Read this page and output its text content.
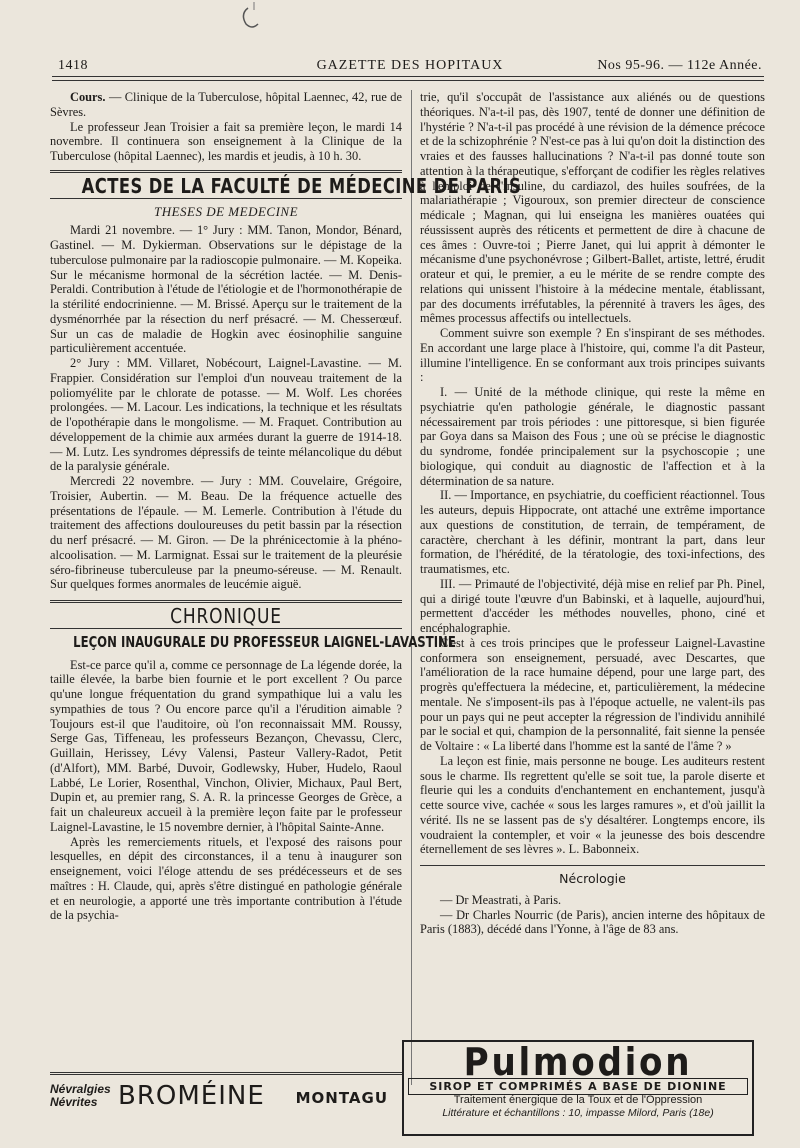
1418	GAZETTE DES HOPITAUX	Nos 95-96. — 112e Année.

Cours. — Clinique de la Tuberculose, hôpital Laennec, 42, rue de Sèvres.

Le professeur Jean Troisier a fait sa première leçon, le mardi 14 novembre. Il continuera son enseignement à la Clinique de la Tuberculose (hôpital Laennec), les mardis et jeudis, à 10 h. 30.

ACTES DE LA FACULTÉ DE MÉDECINE DE PARIS
THESES DE MEDECINE

Mardi 21 novembre. — 1° Jury : MM. Tanon, Mondor, Bénard, Gastinel. — M. Dykierman. Observations sur le dépistage de la tuberculose pulmonaire par la radioscopie pulmonaire. — M. Kopeika. Sur le mécanisme hormonal de la sécrétion lactée. — M. Denis-Peraldi. Contribution à l'étude de l'étiologie et de l'hormonothérapie de la stérilité endocrinienne. — M. Brissé. Aperçu sur le traitement de la dysménorrhée par la résection du nerf présacré. — M. Chesserœuf. Sur un cas de maladie de Hogkin avec éosinophilie sanguine particulièrement accentuée.

2° Jury : MM. Villaret, Nobécourt, Laignel-Lavastine. — M. Frappier. Considération sur l'emploi d'un nouveau traitement de la poliomyélite par le chlorate de potasse. — M. Wolf. Les chorées prolongées. — M. Lacour. Les indications, la technique et les résultats de l'opothérapie dans le mongolisme. — M. Fraquet. Contribution au développement de la chimie aux armées durant la guerre de 1914-18. — M. Lutz. Les syndromes dépressifs de teinte mélancolique du début de la paralysie générale.

Mercredi 22 novembre. — Jury : MM. Couvelaire, Grégoire, Troisier, Aubertin. — M. Beau. De la fréquence actuelle des présentations de l'épaule. — M. Lemerle. Contribution à l'étude du traitement des affections douloureuses du petit bassin par la résection du nerf présacré. — M. Giron. — De la phrénicectomie à la phéno-alcoolisation. — M. Larmignat. Essai sur le traitement de la pleurésie séro-fibrineuse tuberculeuse par la pneumo-séreuse. — M. Renault. Sur quelques formes anormales de leucémie aiguë.

CHRONIQUE
LEÇON INAUGURALE DU PROFESSEUR LAIGNEL-LAVASTINE

Est-ce parce qu'il a, comme ce personnage de La légende dorée, la taille élevée, la barbe bien fournie et le port excellent ? Ou parce qu'une longue fréquentation du grand sympathique lui a valu les sympathies de tous ? Ou encore parce qu'il a l'érudition aimable ? Toujours est-il que l'auditoire, où l'on reconnaissait MM. Roussy, Serge Gas, Tiffeneau, les professeurs Bezançon, Chevassu, Clerc, Guillain, Herissey, Lévy Valensi, Pasteur Vallery-Radot, Petit (d'Alfort), MM. Barbé, Duvoir, Godlewsky, Huber, Hudelo, Raoul Labbé, Le Lorier, Rosenthal, Vinchon, Olivier, Michaux, Paul Bert, Dupin et, au premier rang, S. A. R. la princesse Georges de Grèce, a fait un chaleureux accueil à la première leçon faite par le professeur Laignel-Lavastine, le 15 novembre dernier, à l'hôpital Sainte-Anne.

Après les remerciements rituels, et l'exposé des raisons pour lesquelles, en dépit des circonstances, il a tenu à inaugurer son enseignement, voici l'éloge attendu de ses prédécesseurs et de ses maîtres : H. Claude, qui, après s'être distingué en pathologie générale et en neurologie, a apporté une très importante contribution à l'étude de la psychia-

trie, qu'il s'occupât de l'assistance aux aliénés ou de questions théoriques. N'a-t-il pas, dès 1907, tenté de donner une définition de l'hystérie ? N'a-t-il pas procédé à une révision de la démence précoce et de la schizophrénie ? N'est-ce pas à lui qu'on doit la distinction des vraies et des fausses hallucinations ? N'a-t-il pas donné toute son attention à la thérapeutique, s'efforçant de codifier les règles relatives à l'emploi de l'insuline, du cardiazol, des huiles soufrées, de la malariathérapie ; Vigouroux, son premier directeur de conscience médicale ; Magnan, qui lui enseigna les manières ouatées qui réussissent auprès des réticents et permettent de dire à chacune de ces âmes : Ouvre-toi ; Pierre Janet, qui lui apprit à démonter le mécanisme d'une psychonévrose ; Gilbert-Ballet, artiste, lettré, érudit orateur et qui, le premier, a eu le mérite de se rendre compte des relations qui unissent l'histoire à la médecine mentale, établissant, par des documents irréfutables, la pérennité à travers les âges, des mêmes processus affectifs ou intellectuels.

Comment suivre son exemple ? En s'inspirant de ses méthodes. En accordant une large place à l'histoire, qui, comme l'a dit Pasteur, illumine l'intelligence. En se conformant aux trois principes suivants :

I. — Unité de la méthode clinique, qui reste la même en psychiatrie qu'en pathologie générale, le diagnostic passant nécessairement par trois périodes : une pittoresque, si bien figurée par Goya dans sa Maison des Fous ; une où se précise le diagnostic du syndrome, fondée principalement sur la psychoscopie ; une biologique, qui conduit au diagnostic de l'affection et à la détermination de sa nature.

II. — Importance, en psychiatrie, du coefficient réactionnel. Tous les auteurs, depuis Hippocrate, ont attaché une extrême importance aux questions de constitution, de terrain, de tempérament, de caractère, cherchant à les définir, montrant la part, dans leur formation, de l'hérédité, de la tératologie, des toxi-infections, des traumatismes, etc.

III. — Primauté de l'objectivité, déjà mise en relief par Ph. Pinel, qui a dirigé toute l'œuvre d'un Babinski, et à laquelle, aujourd'hui, permettent d'accéder les méthodes nouvelles, phono, ciné et encéphalographie.

C'est à ces trois principes que le professeur Laignel-Lavastine conformera son enseignement, persuadé, avec Descartes, que l'amélioration de la race humaine dépend, pour une large part, des progrès qu'effectuera la médecine, et, particulièrement, la médecine mentale. Ne s'imposent-ils pas à l'époque actuelle, ne valent-ils pas pour un pays qui ne peut accepter la régression de l'individu annihilé par le social et qui, champion de la personnalité, fait sienne la pensée de Voltaire : « La liberté dans l'homme est la santé de l'âme ? »

La leçon est finie, mais personne ne bouge. Les auditeurs restent sous le charme. Ils regrettent qu'elle se soit tue, la parole disertе et fleurie qui les a conduits d'enchantement en enchantement, jusqu'à cette source vive, cachée « sous les larges ramures », et d'où jaillit la vérité. Ils ne se lassent pas de s'y désaltérer. Longtemps encore, ils voudraient la contempler, et voir « la jeunesse des bois descendre éternellement de ses lèvres ». L. Babonneix.

Nécrologie

— Dr Meastrati, à Paris.

— Dr Charles Nourric (de Paris), ancien interne des hôpitaux de Paris (1883), décédé dans l'Yonne, à l'âge de 83 ans.

Névralgies
Névrites BROMÉINE MONTAGU
Pulmodion
SIROP ET COMPRIMÉS A BASE DE DIONINE
Traitement énergique de la Toux et de l'Oppression
Littérature et échantillons : 10, impasse Milord, Paris (18e)
